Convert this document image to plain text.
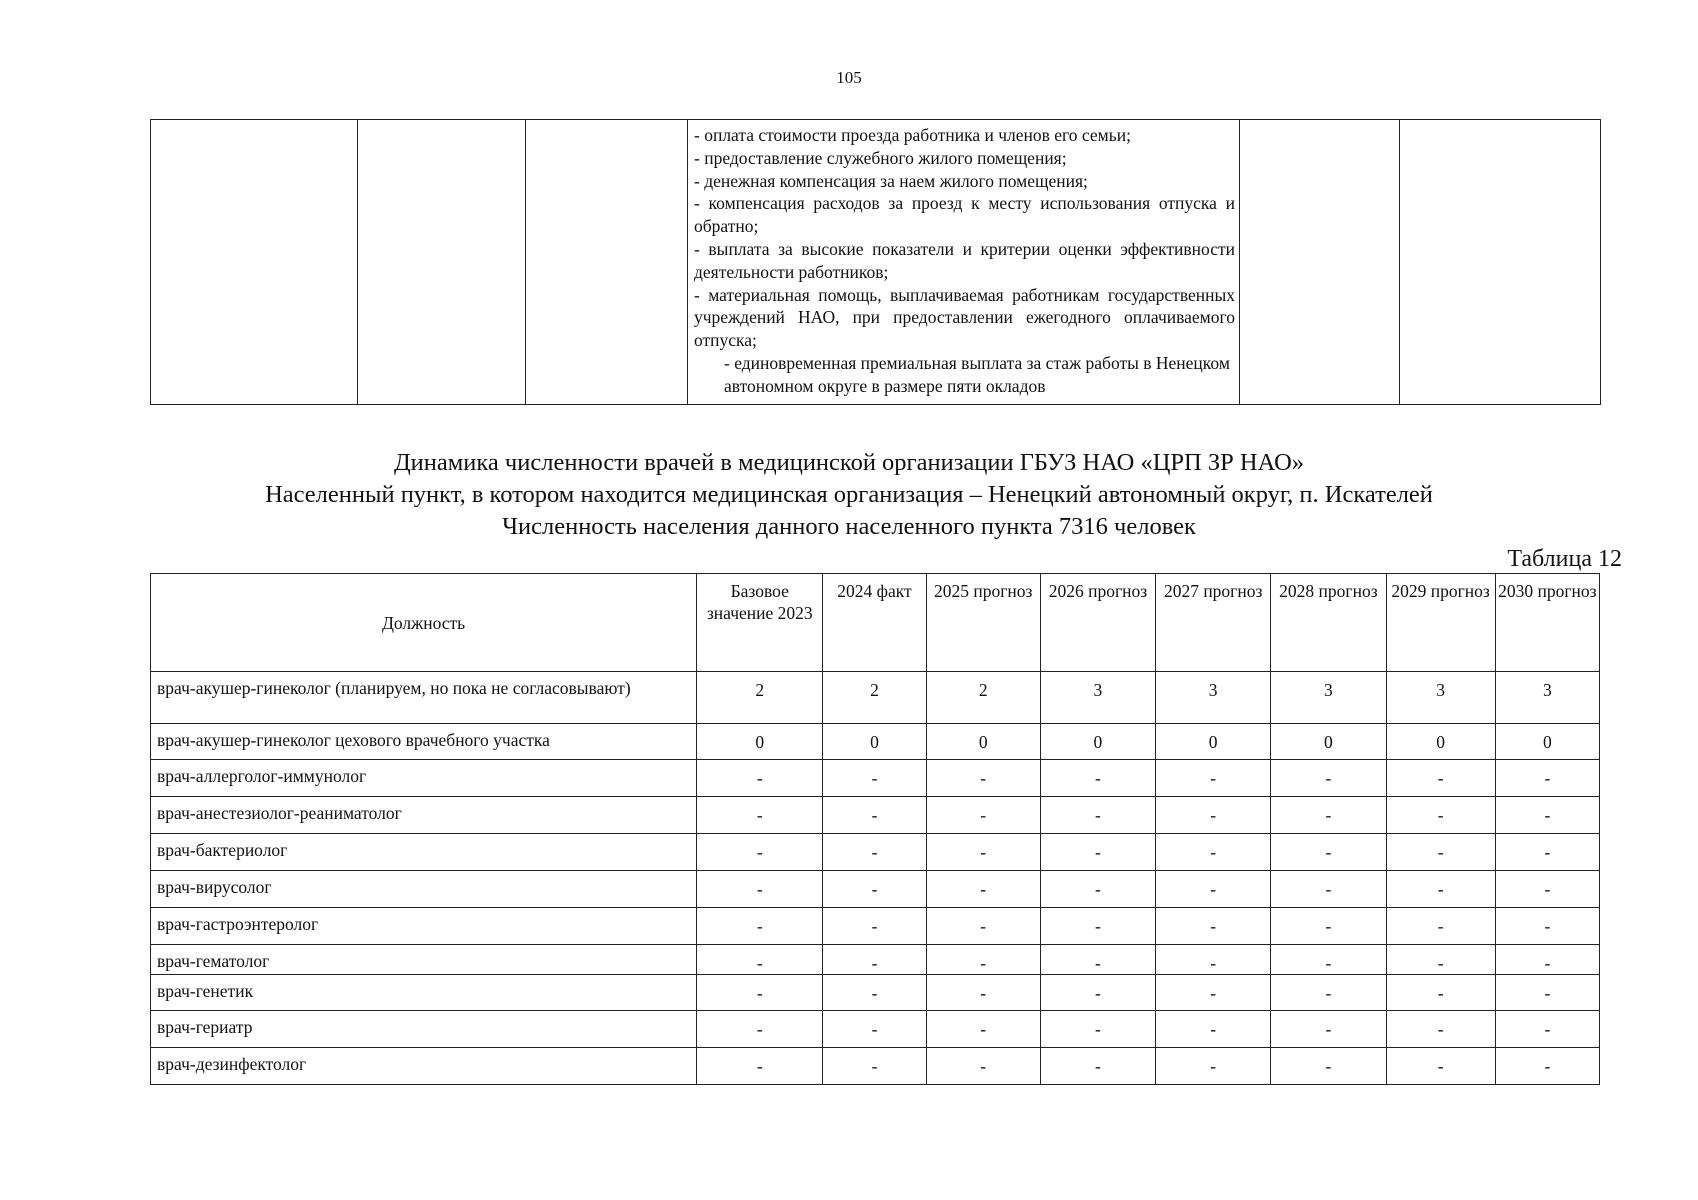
105

- оплата стоимости проезда работника и членов его семьи;
- предоставление служебного жилого помещения;
- денежная компенсация за наем жилого помещения;
- компенсация расходов за проезд к месту использования отпуска и обратно;
- выплата за высокие показатели и критерии оценки эффективности деятельности работников;
- материальная помощь, выплачиваемая работникам государственных учреждений НАО, при предоставлении ежегодного оплачиваемого отпуска;
- единовременная премиальная выплата за стаж работы в Ненецком автономном округе в размере пяти окладов

Динамика численности врачей в медицинской организации ГБУЗ НАО «ЦРП ЗР НАО»
Населенный пункт, в котором находится медицинская организация – Ненецкий автономный округ, п. Искателей
Численность населения данного населенного пункта 7316 человек
Таблица 12
Должность	Базовое значение 2023	2024 факт	2025 прогноз	2026 прогноз	2027 прогноз	2028 прогноз	2029 прогноз	2030 прогноз
врач-акушер-гинеколог (планируем, но пока не согласовывают)	2	2	2	3	3	3	3	3
врач-акушер-гинеколог цехового врачебного участка	0	0	0	0	0	0	0	0
врач-аллерголог-иммунолог	-	-	-	-	-	-	-	-
врач-анестезиолог-реаниматолог	-	-	-	-	-	-	-	-
врач-бактериолог	-	-	-	-	-	-	-	-
врач-вирусолог	-	-	-	-	-	-	-	-
врач-гастроэнтеролог	-	-	-	-	-	-	-	-
врач-гематолог	-	-	-	-	-	-	-	-
врач-генетик	-	-	-	-	-	-	-	-
врач-гериатр	-	-	-	-	-	-	-	-
врач-дезинфектолог	-	-	-	-	-	-	-	-
